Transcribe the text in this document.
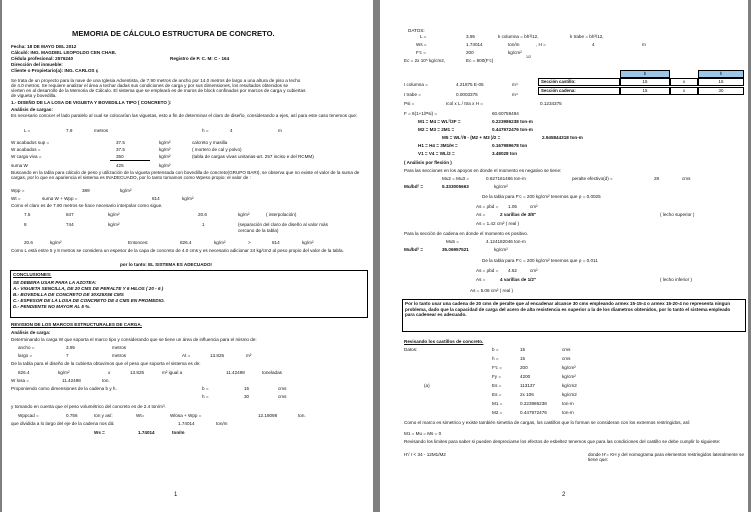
MEMORIA DE CÁLCULO ESTRUCTURA DE CONCRETO.
Fecha: 18 DE MAYO DEL 2012
Cálculó: ING. MAGDIEL LEOPOLDO CEN CHAB.
Cédula profesional: 2576240	Registro de P. C. M: C - 164
Dirección del inmueble:
Cliente o Propietario(a): ING. CARLOS ç
Se trata de un proyecto para la nave de una Iglesia Adventista, de 7.90 metros de ancho por 14.0 metros de largo a una altura de piso a techo
de 4.0 metros. Se requiere analizar el área a techar dadas sus condiciones de carga y por sus dimensiones, los resultados obtenidos se
vierten en al desarrollo de la Memoria de Cálculo. El sistema que se empleará es de muros de block confinados por marcos de carga y cubiertas
de vigueta y bovedilla.
1.- DISEÑO DE LA LOSA DE VIGUETA Y BOVEDILLA TIPO ( CONCRETO ):
Análisis de cargas:
Es necesario conocer el lado paralelo al cual se colocarían las viguetas, esto a fin de determinar el claro de diseño, considerando a ejes, así para este caso tenemos que:
L =	7.9	metros	h =	4	m
W acabados sup =	37.5	kg/m²	calcreto y masilla
W acabados =	37.5	kg/m²	( mortero de cal y polvo)
W carga viva =	350	kg/m²	(tabla de cargas vivas unitarias-art. 257 inciso e del RCMM)
suma W	425	kg/m²
Buscando en la tabla para cálculo de peso y utilización de la vigueta pretensada con bovedilla de concreto(GRUPO BARI), se observa que no existe el valor de la suma de cargas, por lo que en apariencia el sistema es INADECUADO, por lo tanto tomamos como Wpeso propio: el valor de :
Wpp =	389	kg/m²
Wt =	suma W + Wpp =	814	kg/m²
Como el claro es de 7.90 metros se hace necesario interpolar como sigue.
7.5	847	kg/m²	20.6	kg/m²	( interpolación)
8	744	kg/m²	1	(separación del claro de diseño al valor más
cercano de la tabla)
20.6	kg/m²	Entonces:	826.4	kg/m²	>	814	kg/m²
Como L está entre 5 y 8 metros se considera un espesor de la capa de concreto de 4.0 cms y es necesario adicionar 24 kg/cm2 al peso propio del valor de la tabla.
por lo tanto: EL SISTEMA ES ADECUADO!
CONCLUSIONES:
SE DEBERA USAR PARA LA AZOTEA:
A.- VIGUETA SENCILLA, DE 20 CMS DE PERALTE Y 6 HILOS ( 20 - 6 )
B.- BOVEDILLA DE CONCRETO DE 30X25X56 CMS
C.- ESPESOR DE LA LOSA DE CONCRETO DE 4 CMS EN PROMEDIO.
D.- PENDIENTE NO MAYOR AL 5 %.
REVISION DE LOS MARCOS ESTRUCTURALES DE CARGA.
Análisis de carga:
Determinando la carga W que soporta el marco tipo y considerando que se tiene un área de influencia para el mismo de:
ancho =	3.95	metros
largo =	7	metros	At =	13.825	m²
De la tabla para el diseño de la cubierta obtuvimos que el peso que soporta el sistema es de:
826.4	kg/m²	x	13.825	m² igual a	11.42498	toneladas
W losa =	11.42498	ton.
Proponiendo como dimensiones de la cadena b y h.	b =	15	cms
h =	30	cms
y tomando en cuenta que el peso volumétrico del concreto es de 2.4 ton/m³.
Wppcad =	0.756	ton y así:	Wt=	Wlosa + Wpp =	12.18098	ton.
que dividida a lo largo del eje de la cadena nos dá:	1.74014	ton/m
Ws =	1.74014	ton/m
1
DATOS:
L =	3.95	k columna = bh³/12,	k trabe = bh³/12,
Ws =	1.74014	ton/m	, H =	4	m
F'c =	200	kg/cm²
Ec = 2x 10⁵ kg/cm2,	Ec = 800(F'c)
1/2
b	h
Sección castillo:	15	x	15
Sección cadena:	15	x	30
I columna =	4.21875 E-05	m⁴
I trabe =	0.0003375	m⁴
Psi =	Icol x L / Itra x H =	0.1234375
F = 6(1+1/Psi) =	60.60759494
M1 = M4 = WL²/3F =	0.223986238 ton-m
M2 = M3 = 2M1 =	0.447972476 ton-m
M5 = WL²/8 - (M2 + M3 )/2 =	2.945844318 ton-m
H1 = H4 = 3M1/H =	0.167989678 ton
V1 = V4 = WL/2 =	3.48028 ton
( Análisis por flexión )
Para las secciones en los apoyos en donde el momento es negativo se tiene:
Mu2 = Mu3 =	0.627161466 ton-m	peralte efectivo(d) =	28	cms
Mu/bd² =	5.333005663	kg/cm²
De la tabla para F'c = 200 kg/cm² tenemos que ρ = 0.0025
As = ρbd = 1.05	cm²
As =	2 varillas de 3/8"	( lecho superior )
As = 1.42 cm² ( real )
Para la sección de cadena en donde el momento es positivo.
Mu5 =	4.124182046 ton-m
Mu/bd² =	35.06957521	kg/cm²
De la tabla para F'c = 200 kg/cm² tenemos que ρ = 0.011
As = ρbd = 4.62	cm²
As =	4 varillas de 1/2"	( lecho inferior )
As = 5.08 cm² ( real )
Por lo tanto usar una cadena de 20 cms de peralte que al encadenar alcance 30 cms empleando armex 15-15-4 o armex 15-20-4 no representa ningun problema, dado que la capacidad de carga del acero de alta resistencia es superior a la de los diametros obtenidos, por lo tanto el sistema empleado para cadenear es adecuado.
Revisando los castillos de concreto.
Datos:	b =	15	cms
h =	15	cms
F'c =	200	kg/cm²
Fy =	4200	kg/cm²
Es =	113137	kg/cm2
Es =	2x 106	kg/cm2
M1 =	0.223986238	ton-m
M2 =	0.447972476	ton-m
(a)
Como el marco es simetrico y existe también simetria de cargas, los castillos que lo forman se consideran con los extremos restringidos, así:
M1 = Mu = Ms = 0
Revisando los limites para saber si pueden despreciarse los efectos de esbeltez tenemos que para las condiciones del castillo se debe cumplir lo siguiente:
H'/ r < 34 - 12M1/M2	donde H'= KH y del nomograma para elementos restringidos lateralmente se tiene que:
2
